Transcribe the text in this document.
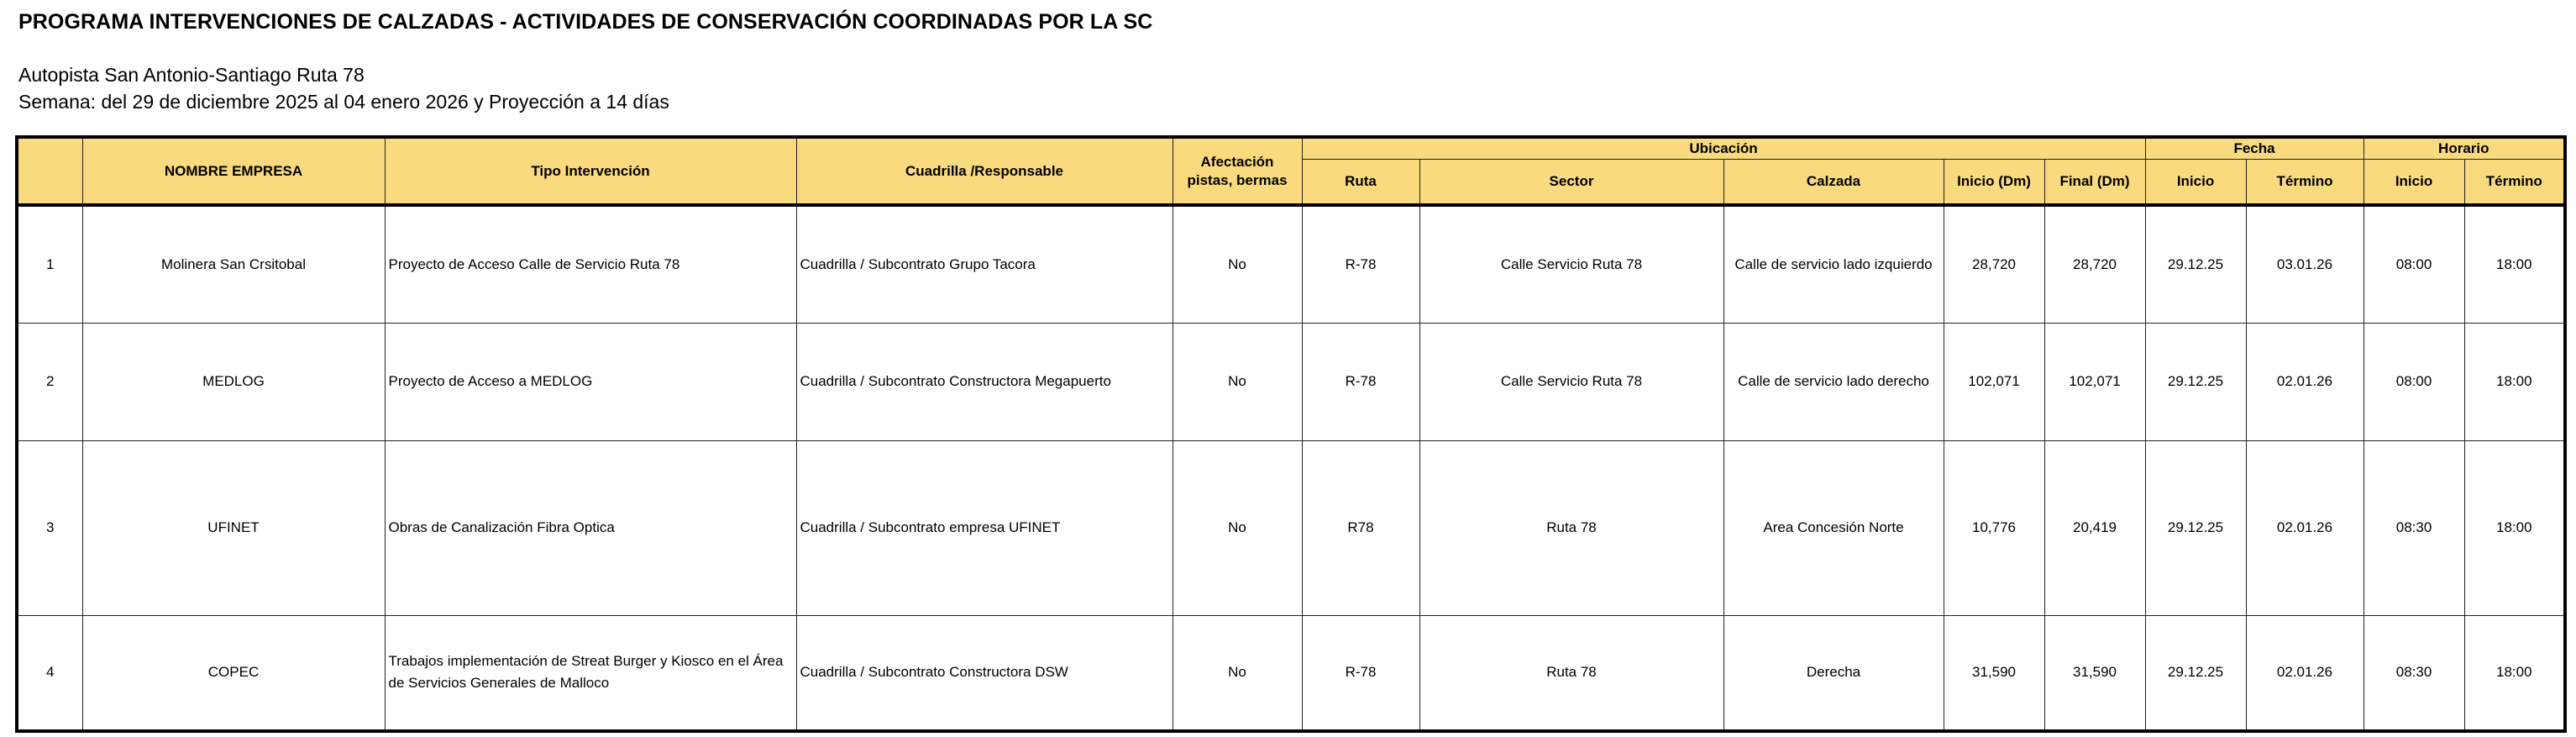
PROGRAMA INTERVENCIONES DE CALZADAS - ACTIVIDADES DE CONSERVACIÓN COORDINADAS POR LA SC
Autopista San Antonio-Santiago Ruta 78
Semana: del 29 de diciembre 2025 al 04 enero 2026 y Proyección a 14 días
	NOMBRE EMPRESA	Tipo Intervención	Cuadrilla /Responsable	Afectación pistas, bermas	Ubicación					Fecha		Horario	
					Ruta	Sector	Calzada	Inicio (Dm)	Final (Dm)	Inicio	Término	Inicio	Término
1	Molinera San Crsitobal	Proyecto de Acceso Calle de Servicio Ruta 78	Cuadrilla / Subcontrato Grupo Tacora	No	R-78	Calle Servicio Ruta 78	Calle de servicio lado izquierdo	28,720	28,720	29.12.25	03.01.26	08:00	18:00
2	MEDLOG	Proyecto de Acceso a MEDLOG	Cuadrilla / Subcontrato Constructora Megapuerto	No	R-78	Calle Servicio Ruta 78	Calle de servicio lado derecho	102,071	102,071	29.12.25	02.01.26	08:00	18:00
3	UFINET	Obras de Canalización Fibra Optica	Cuadrilla / Subcontrato empresa UFINET	No	R78	Ruta 78	Area Concesión Norte	10,776	20,419	29.12.25	02.01.26	08:30	18:00
4	COPEC	Trabajos implementación de Streat Burger y Kiosco en el Área de Servicios Generales de Malloco	Cuadrilla / Subcontrato Constructora DSW	No	R-78	Ruta 78	Derecha	31,590	31,590	29.12.25	02.01.26	08:30	18:00
